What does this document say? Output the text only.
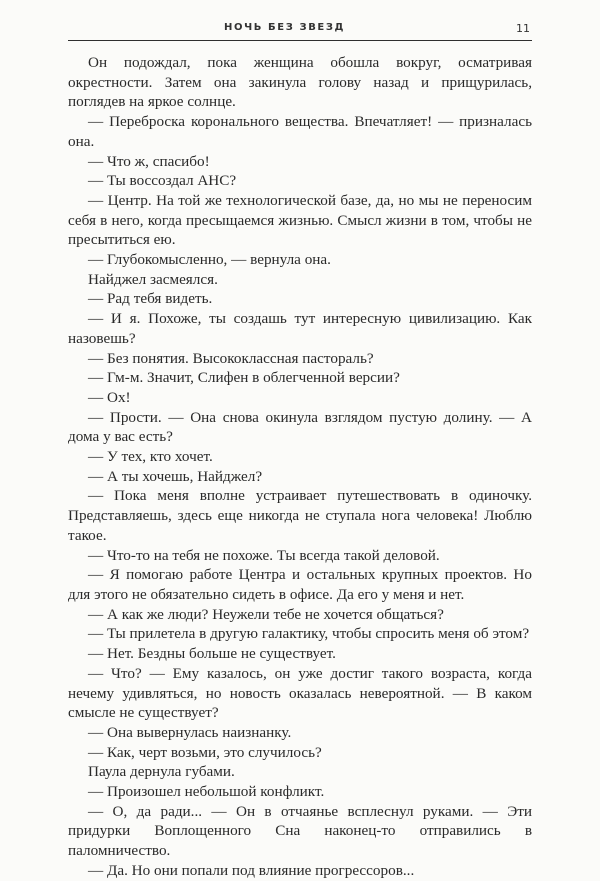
НОЧЬ БЕЗ ЗВЕЗД	11

Он подождал, пока женщина обошла вокруг, осматривая окрестности. Затем она закинула голову назад и прищурилась, поглядев на яркое солнце.

— Переброска коронального вещества. Впечатляет! — призналась она.

— Что ж, спасибо!

— Ты воссоздал АНС?

— Центр. На той же технологической базе, да, но мы не переносим себя в него, когда пресыщаемся жизнью. Смысл жизни в том, чтобы не пресытиться ею.

— Глубокомысленно, — вернула она.

Найджел засмеялся.

— Рад тебя видеть.

— И я. Похоже, ты создашь тут интересную цивилизацию. Как назовешь?

— Без понятия. Высококлассная пастораль?

— Гм-м. Значит, Слифен в облегченной версии?

— Ох!

— Прости. — Она снова окинула взглядом пустую долину. — А дома у вас есть?

— У тех, кто хочет.

— А ты хочешь, Найджел?

— Пока меня вполне устраивает путешествовать в одиночку. Представляешь, здесь еще никогда не ступала нога человека! Люблю такое.

— Что-то на тебя не похоже. Ты всегда такой деловой.

— Я помогаю работе Центра и остальных крупных проектов. Но для этого не обязательно сидеть в офисе. Да его у меня и нет.

— А как же люди? Неужели тебе не хочется общаться?

— Ты прилетела в другую галактику, чтобы спросить меня об этом?

— Нет. Бездны больше не существует.

— Что? — Ему казалось, он уже достиг такого возраста, когда нечему удивляться, но новость оказалась невероятной. — В каком смысле не существует?

— Она вывернулась наизнанку.

— Как, черт возьми, это случилось?

Паула дернула губами.

— Произошел небольшой конфликт.

— О, да ради... — Он в отчаянье всплеснул руками. — Эти придурки Воплощенного Сна наконец-то отправились в паломничество.

— Да. Но они попали под влияние прогрессоров...
